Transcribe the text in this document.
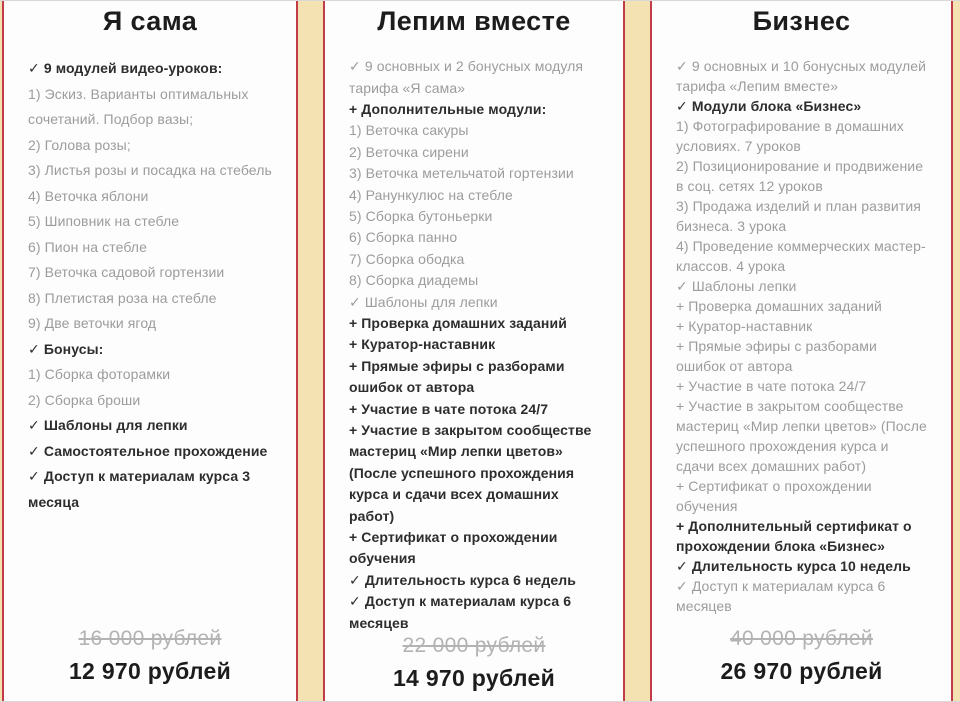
Я сама
✓ 9 модулей видео-уроков:
1) Эскиз. Варианты оптимальных сочетаний. Подбор вазы;
2) Голова розы;
3) Листья розы и посадка на стебель
4) Веточка яблони
5) Шиповник на стебле
6) Пион на стебле
7) Веточка садовой гортензии
8) Плетистая роза на стебле
9) Две веточки ягод
✓ Бонусы:
1) Сборка фоторамки
2) Сборка броши
✓ Шаблоны для лепки
✓ Самостоятельное прохождение
✓ Доступ к материалам курса 3 месяца
16 000 рублей
12 970 рублей
Лепим вместе
✓ 9 основных и 2 бонусных модуля тарифа «Я сама»
+ Дополнительные модули:
1) Веточка сакуры
2) Веточка сирени
3) Веточка метельчатой гортензии
4) Ранункулюс на стебле
5) Сборка бутоньерки
6) Сборка панно
7) Сборка ободка
8) Сборка диадемы
✓ Шаблоны для лепки
+ Проверка домашних заданий
+ Куратор-наставник
+ Прямые эфиры с разборами ошибок от автора
+ Участие в чате потока 24/7
+ Участие в закрытом сообществе мастериц «Мир лепки цветов» (После успешного прохождения курса и сдачи всех домашних работ)
+ Сертификат о прохождении обучения
✓ Длительность курса 6 недель
✓ Доступ к материалам курса 6 месяцев
22 000 рублей
14 970 рублей
Бизнес
✓ 9 основных и 10 бонусных модулей тарифа «Лепим вместе»
✓ Модули блока «Бизнес»
1) Фотографирование в домашних условиях. 7 уроков
2) Позиционирование и продвижение в соц. сетях 12 уроков
3) Продажа изделий и план развития бизнеса. 3 урока
4) Проведение коммерческих мастер-классов. 4 урока
✓ Шаблоны лепки
+ Проверка домашних заданий
+ Куратор-наставник
+ Прямые эфиры с разборами ошибок от автора
+ Участие в чате потока 24/7
+ Участие в закрытом сообществе мастериц «Мир лепки цветов» (После успешного прохождения курса и сдачи всех домашних работ)
+ Сертификат о прохождении обучения
+ Дополнительный сертификат о прохождении блока «Бизнес»
✓ Длительность курса 10 недель
✓ Доступ к материалам курса 6 месяцев
40 000 рублей
26 970 рублей
